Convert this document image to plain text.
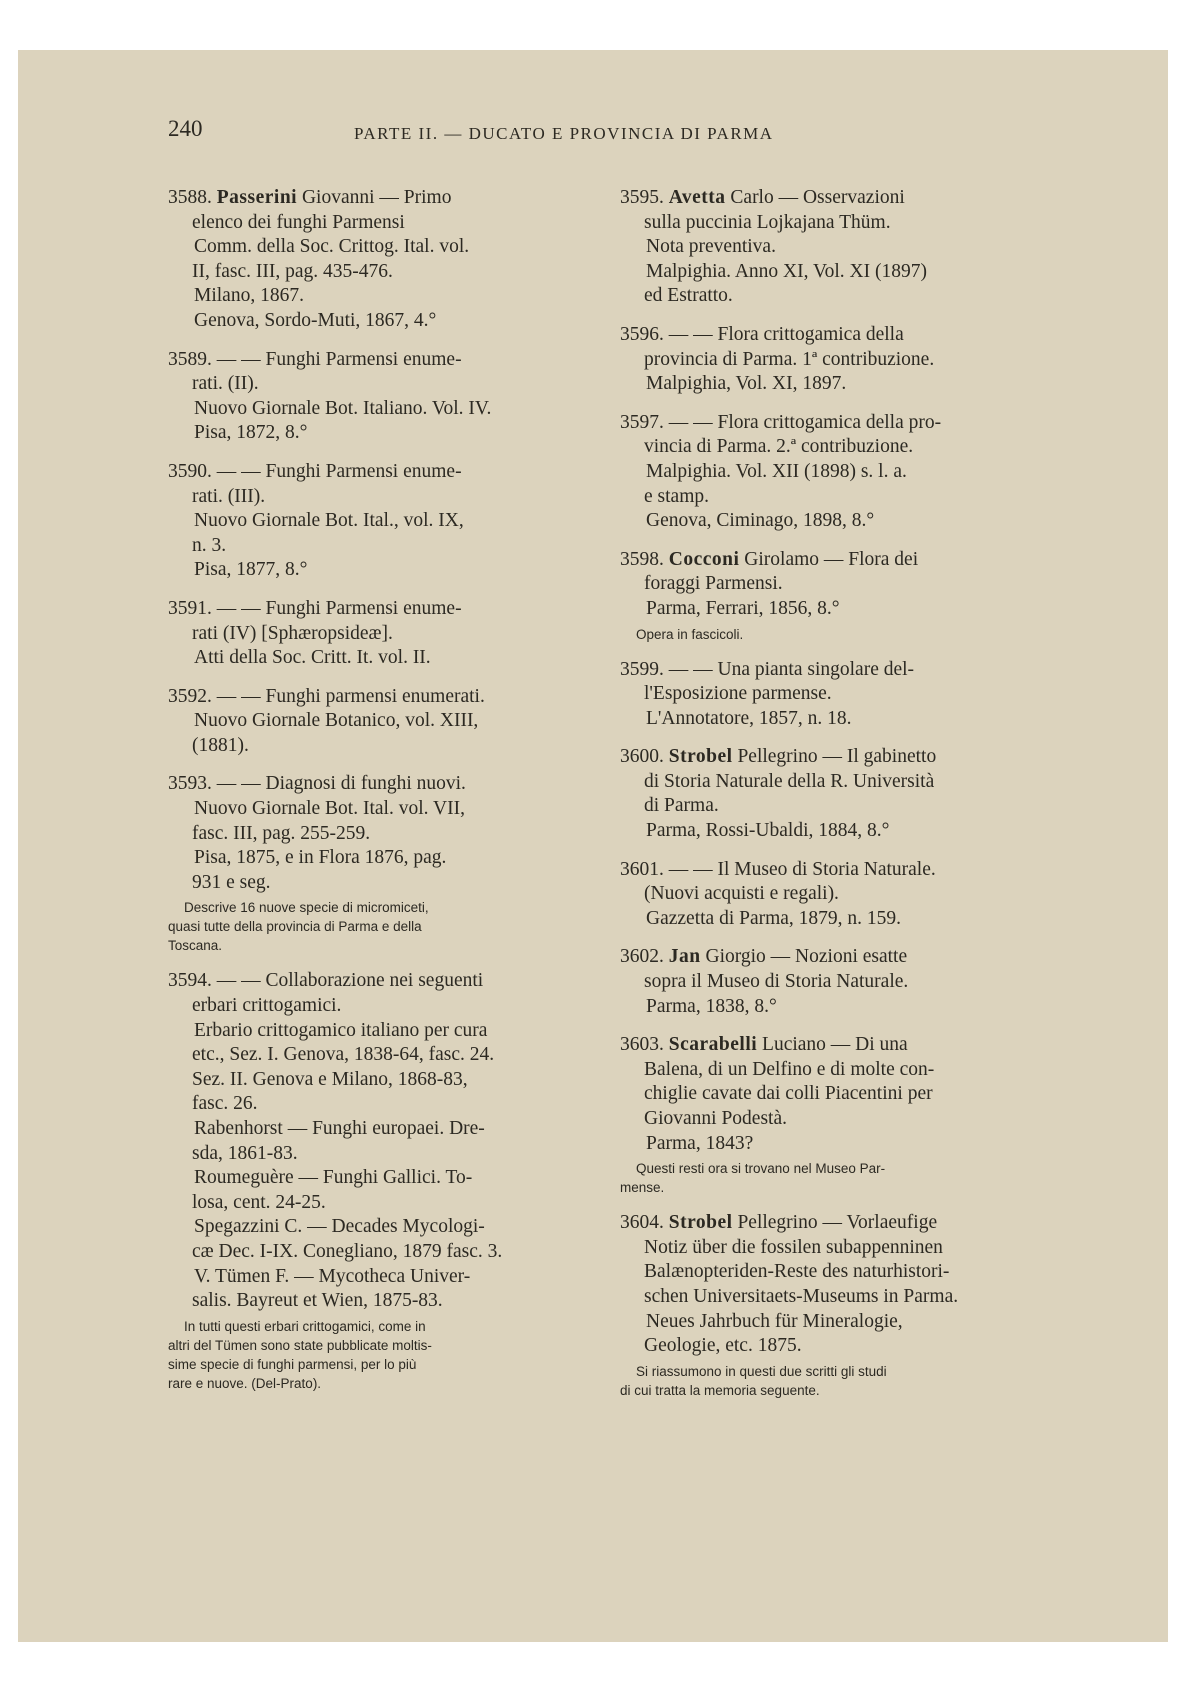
240	PARTE II. — DUCATO E PROVINCIA DI PARMA
3588. Passerini Giovanni — Primo
elenco dei funghi Parmensi
Comm. della Soc. Crittog. Ital. vol.
II, fasc. III, pag. 435-476.
Milano, 1867.
Genova, Sordo-Muti, 1867, 4.°
3589. — — Funghi Parmensi enume-
rati. (II).
Nuovo Giornale Bot. Italiano. Vol. IV.
Pisa, 1872, 8.°
3590. — — Funghi Parmensi enume-
rati. (III).
Nuovo Giornale Bot. Ital., vol. IX,
n. 3.
Pisa, 1877, 8.°
3591. — — Funghi Parmensi enume-
rati (IV) [Sphæropsideæ].
Atti della Soc. Critt. It. vol. II.
3592. — — Funghi parmensi enumerati.
Nuovo Giornale Botanico, vol. XIII,
(1881).
3593. — — Diagnosi di funghi nuovi.
Nuovo Giornale Bot. Ital. vol. VII,
fasc. III, pag. 255-259.
Pisa, 1875, e in Flora 1876, pag.
931 e seg.
Descrive 16 nuove specie di micromiceti,
quasi tutte della provincia di Parma e della
Toscana.
3594. — — Collaborazione nei seguenti
erbari crittogamici.
Erbario crittogamico italiano per cura
etc., Sez. I. Genova, 1838-64, fasc. 24.
Sez. II. Genova e Milano, 1868-83,
fasc. 26.
Rabenhorst — Funghi europaei. Dre-
sda, 1861-83.
Roumeguère — Funghi Gallici. To-
losa, cent. 24-25.
Spegazzini C. — Decades Mycologi-
cæ Dec. I-IX. Conegliano, 1879 fasc. 3.
V. Tümen F. — Mycotheca Univer-
salis. Bayreut et Wien, 1875-83.
In tutti questi erbari crittogamici, come in
altri del Tümen sono state pubblicate moltis-
sime specie di funghi parmensi, per lo più
rare e nuove. (Del-Prato).
3595. Avetta Carlo — Osservazioni
sulla puccinia Lojkajana Thüm.
Nota preventiva.
Malpighia. Anno XI, Vol. XI (1897)
ed Estratto.
3596. — — Flora crittogamica della
provincia di Parma. 1ª contribuzione.
Malpighia, Vol. XI, 1897.
3597. — — Flora crittogamica della pro-
vincia di Parma. 2.ª contribuzione.
Malpighia. Vol. XII (1898) s. l. a.
e stamp.
Genova, Ciminago, 1898, 8.°
3598. Cocconi Girolamo — Flora dei
foraggi Parmensi.
Parma, Ferrari, 1856, 8.°
Opera in fascicoli.
3599. — — Una pianta singolare del-
l'Esposizione parmense.
L'Annotatore, 1857, n. 18.
3600. Strobel Pellegrino — Il gabinetto
di Storia Naturale della R. Università
di Parma.
Parma, Rossi-Ubaldi, 1884, 8.°
3601. — — Il Museo di Storia Naturale.
(Nuovi acquisti e regali).
Gazzetta di Parma, 1879, n. 159.
3602. Jan Giorgio — Nozioni esatte
sopra il Museo di Storia Naturale.
Parma, 1838, 8.°
3603. Scarabelli Luciano — Di una
Balena, di un Delfino e di molte con-
chiglie cavate dai colli Piacentini per
Giovanni Podestà.
Parma, 1843?
Questi resti ora si trovano nel Museo Par-
mense.
3604. Strobel Pellegrino — Vorlaeufige
Notiz über die fossilen subappenninen
Balænopteriden-Reste des naturhistori-
schen Universitaets-Museums in Parma.
Neues Jahrbuch für Mineralogie,
Geologie, etc. 1875.
Si riassumono in questi due scritti gli studi
di cui tratta la memoria seguente.
